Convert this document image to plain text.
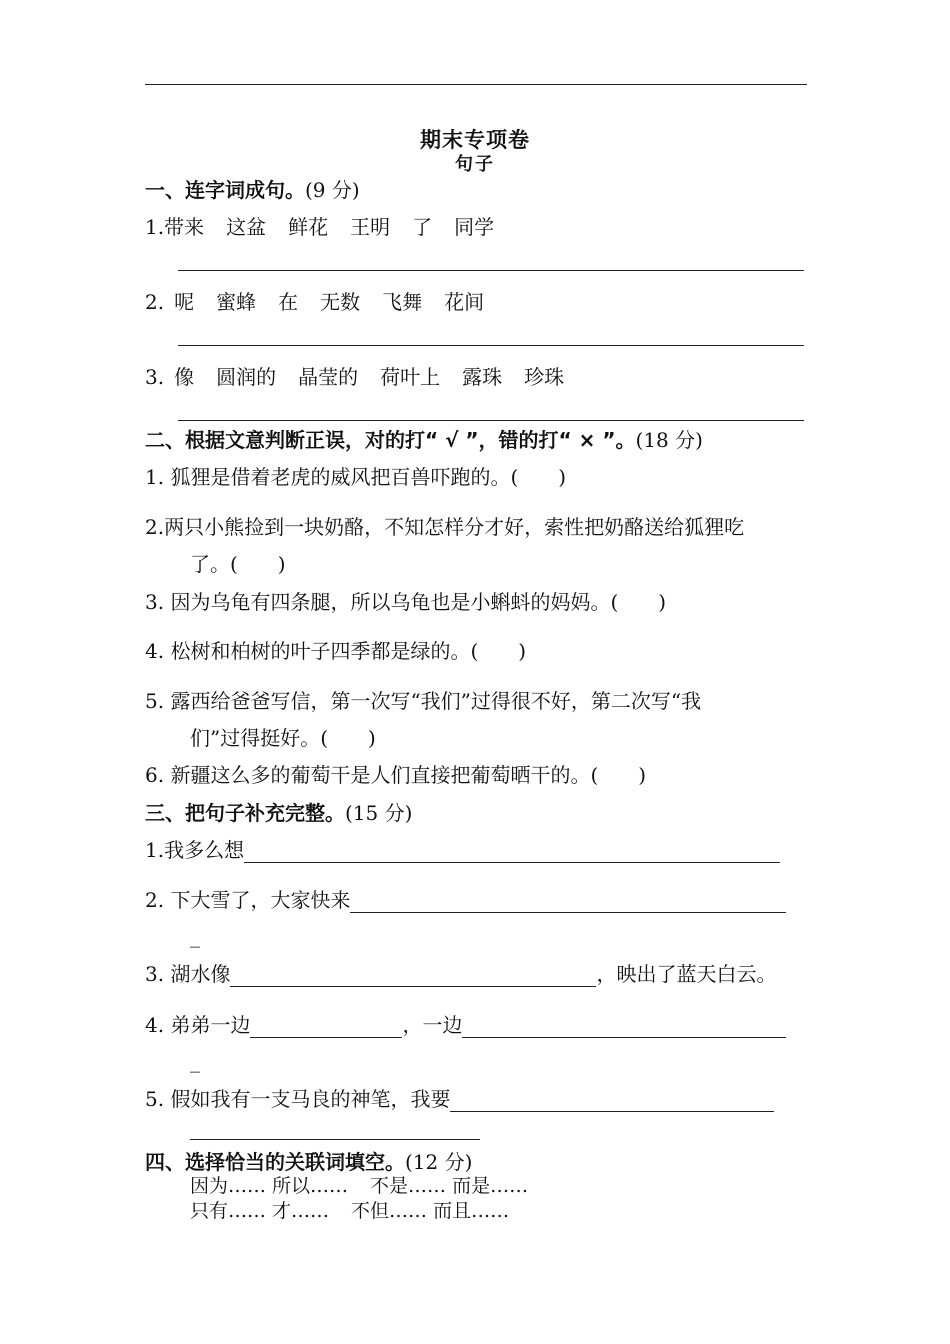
期末专项卷
句子
一、连字词成句。(9 分)
1.带来 这盆 鲜花 王明 了 同学
2. 呢 蜜蜂 在 无数 飞舞 花间
3. 像 圆润的 晶莹的 荷叶上 露珠 珍珠
二、根据文意判断正误，对的打“ √ ”，错的打“ × ”。(18 分)
1. 狐狸是借着老虎的威风把百兽吓跑的。(　　)
2.两只小熊捡到一块奶酪，不知怎样分才好，索性把奶酪送给狐狸吃
了。(　　)
3. 因为乌龟有四条腿，所以乌龟也是小蝌蚪的妈妈。(　　)
4. 松树和柏树的叶子四季都是绿的。(　　)
5. 露西给爸爸写信，第一次写“我们”过得很不好，第二次写“我
们”过得挺好。(　　)
6. 新疆这么多的葡萄干是人们直接把葡萄晒干的。(　　)
三、把句子补充完整。(15 分)
1.我多么想
2. 下大雪了，大家快来
_
3. 湖水像	，映出了蓝天白云。
4. 弟弟一边	，一边
_
5. 假如我有一支马良的神笔，我要
四、选择恰当的关联词填空。(12 分)
因为…… 所以…… 不是…… 而是……
只有…… 才…… 不但…… 而且……
